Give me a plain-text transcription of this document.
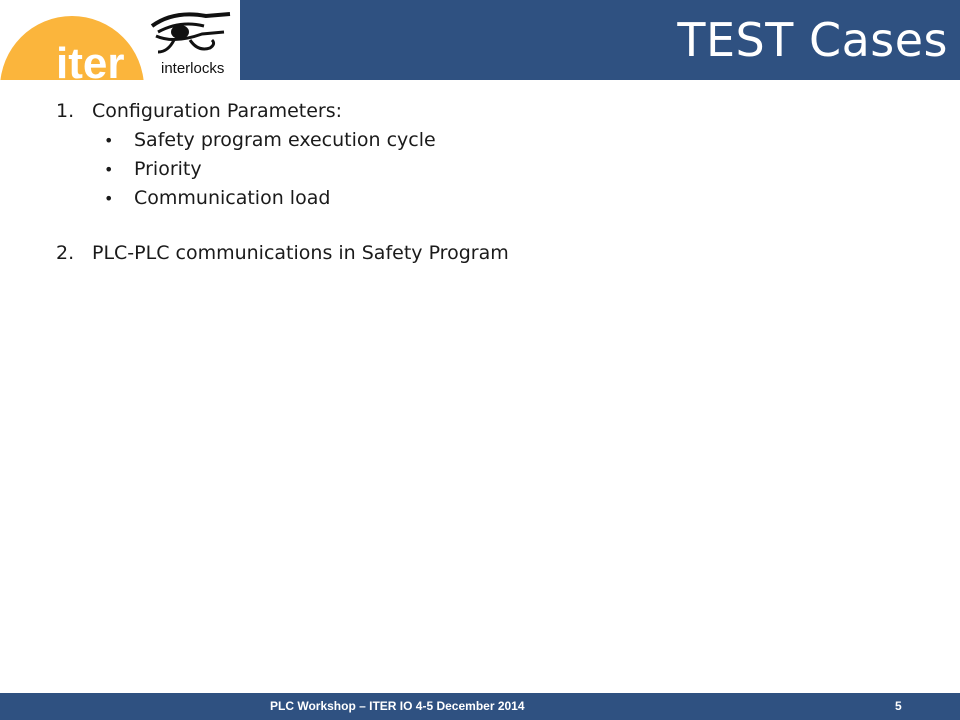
TEST Cases
iter interlocks
1. Configuration Parameters:
•	Safety program execution cycle
•	Priority
•	Communication load
2. PLC-PLC communications in Safety Program
PLC Workshop – ITER IO 4-5 December 2014	5
